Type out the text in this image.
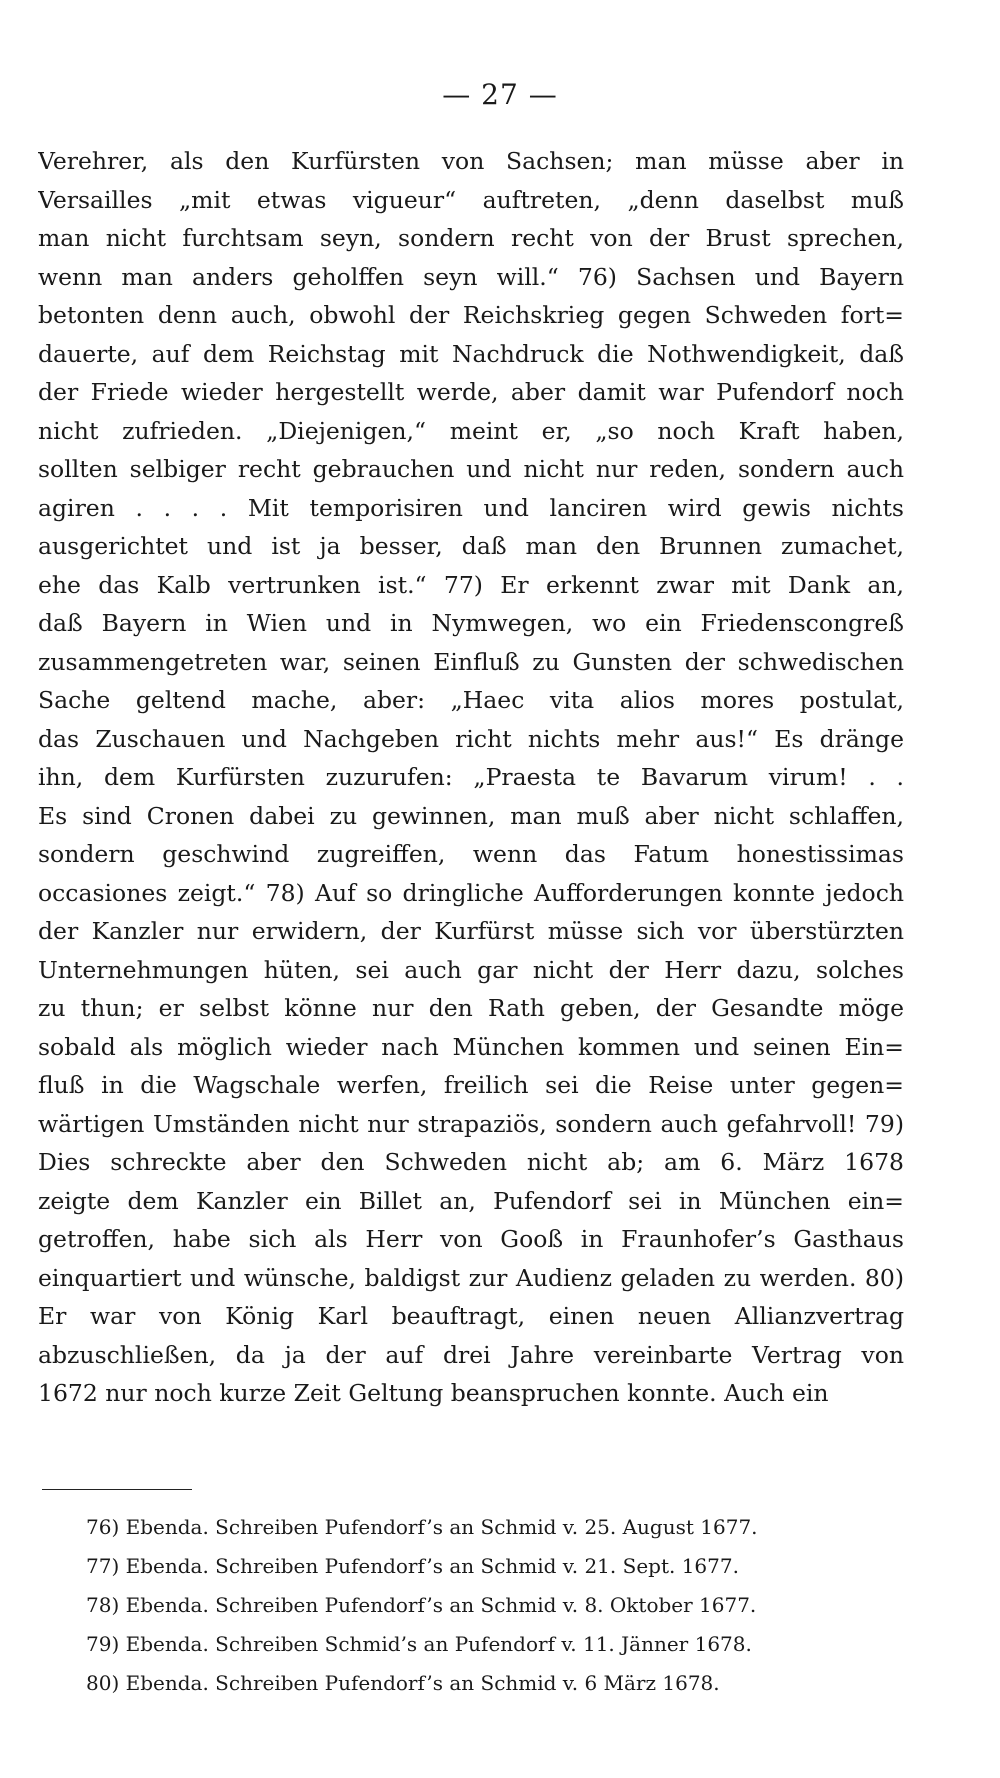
— 27 —
Verehrer, als den Kurfürsten von Sachsen; man müsse aber in
Versailles „mit etwas vigueur“ auftreten, „denn daselbst muß
man nicht furchtsam seyn, sondern recht von der Brust sprechen,
wenn man anders geholffen seyn will.“ 76) Sachsen und Bayern
betonten denn auch, obwohl der Reichskrieg gegen Schweden fort=
dauerte, auf dem Reichstag mit Nachdruck die Nothwendigkeit, daß
der Friede wieder hergestellt werde, aber damit war Pufendorf noch
nicht zufrieden. „Diejenigen,“ meint er, „so noch Kraft haben,
sollten selbiger recht gebrauchen und nicht nur reden, sondern auch
agiren . . . . Mit temporisiren und lanciren wird gewis nichts
ausgerichtet und ist ja besser, daß man den Brunnen zumachet,
ehe das Kalb vertrunken ist.“ 77) Er erkennt zwar mit Dank an,
daß Bayern in Wien und in Nymwegen, wo ein Friedenscongreß
zusammengetreten war, seinen Einfluß zu Gunsten der schwedischen
Sache geltend mache, aber: „Haec vita alios mores postulat,
das Zuschauen und Nachgeben richt nichts mehr aus!“ Es dränge
ihn, dem Kurfürsten zuzurufen: „Praesta te Bavarum virum! . .
Es sind Cronen dabei zu gewinnen, man muß aber nicht schlaffen,
sondern geschwind zugreiffen, wenn das Fatum honestissimas
occasiones zeigt.“ 78) Auf so dringliche Aufforderungen konnte jedoch
der Kanzler nur erwidern, der Kurfürst müsse sich vor überstürzten
Unternehmungen hüten, sei auch gar nicht der Herr dazu, solches
zu thun; er selbst könne nur den Rath geben, der Gesandte möge
sobald als möglich wieder nach München kommen und seinen Ein=
fluß in die Wagschale werfen, freilich sei die Reise unter gegen=
wärtigen Umständen nicht nur strapaziös, sondern auch gefahrvoll! 79)
Dies schreckte aber den Schweden nicht ab; am 6. März 1678
zeigte dem Kanzler ein Billet an, Pufendorf sei in München ein=
getroffen, habe sich als Herr von Gooß in Fraunhofer’s Gasthaus
einquartiert und wünsche, baldigst zur Audienz geladen zu werden. 80)
Er war von König Karl beauftragt, einen neuen Allianzvertrag
abzuschließen, da ja der auf drei Jahre vereinbarte Vertrag von
1672 nur noch kurze Zeit Geltung beanspruchen konnte. Auch ein
76) Ebenda. Schreiben Pufendorf’s an Schmid v. 25. August 1677.
77) Ebenda. Schreiben Pufendorf’s an Schmid v. 21. Sept. 1677.
78) Ebenda. Schreiben Pufendorf’s an Schmid v. 8. Oktober 1677.
79) Ebenda. Schreiben Schmid’s an Pufendorf v. 11. Jänner 1678.
80) Ebenda. Schreiben Pufendorf’s an Schmid v. 6 März 1678.
